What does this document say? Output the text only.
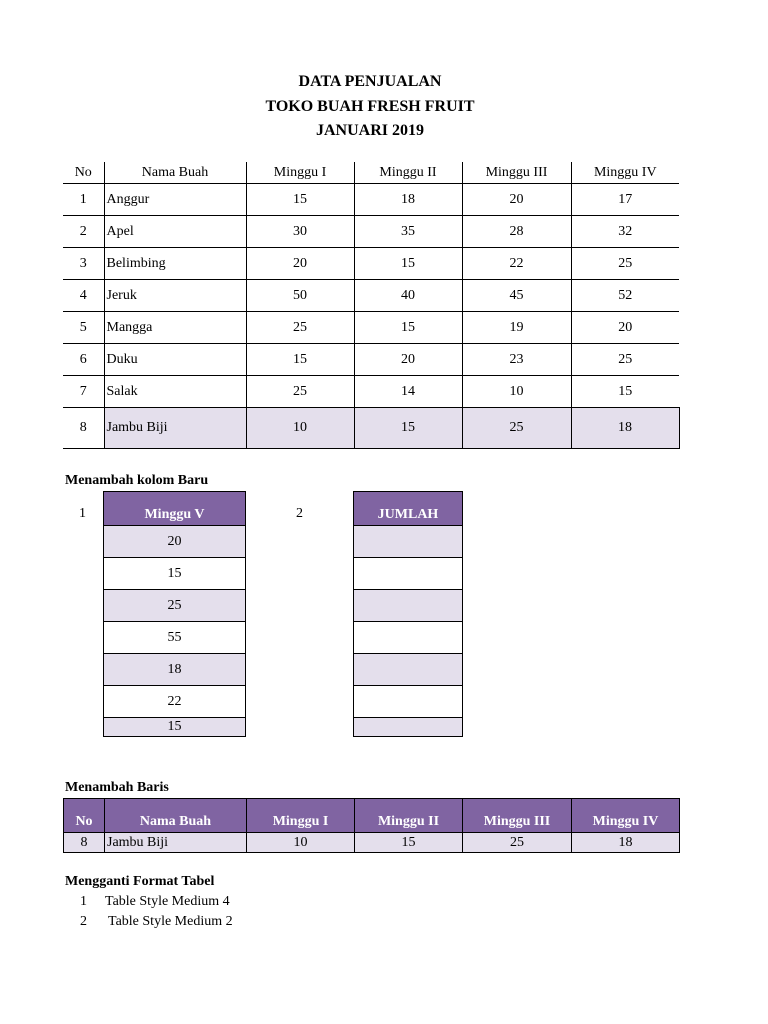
DATA PENJUALAN
TOKO BUAH FRESH FRUIT
JANUARI 2019
No	Nama Buah	Minggu I	Minggu II	Minggu III	Minggu IV
1	Anggur	15	18	20	17
2	Apel	30	35	28	32
3	Belimbing	20	15	22	25
4	Jeruk	50	40	45	52
5	Mangga	25	15	19	20
6	Duku	15	20	23	25
7	Salak	25	14	10	15
8	Jambu Biji	10	15	25	18
Menambah kolom Baru
1	2
Minggu V
20
15
25
55
18
22
15
JUMLAH

Menambah Baris
No	Nama Buah	Minggu I	Minggu II	Minggu III	Minggu IV
8	Jambu Biji	10	15	25	18
Mengganti Format Tabel
1 Table Style Medium 4
2 Table Style Medium 2
